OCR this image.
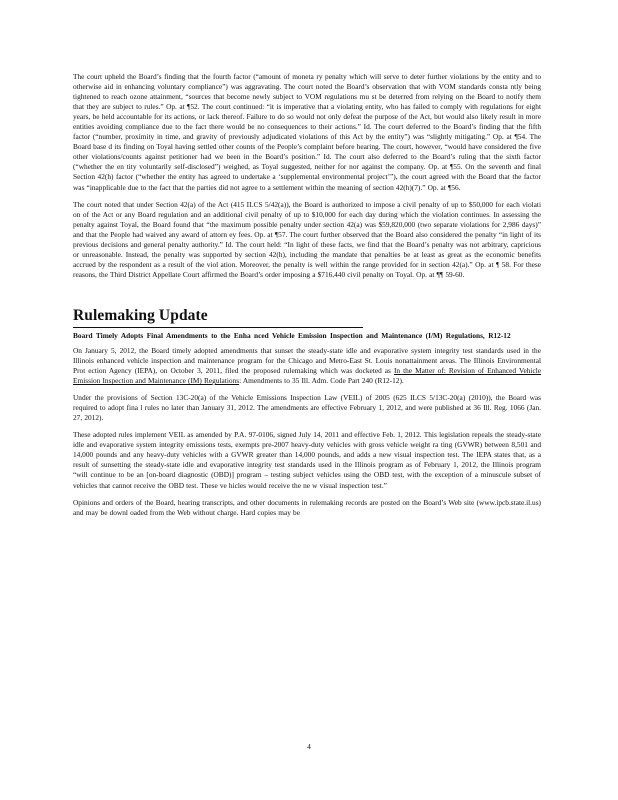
The court upheld the Board’s finding that the fourth factor (“amount of moneta ry penalty which will serve to deter further violations by the entity and to otherwise aid in enhancing voluntary compliance”) was aggravating. The court noted the Board’s observation that with VOM standards consta ntly being tightened to reach ozone attainment, “sources that become newly subject to VOM regulations mu st be deterred from relying on the Board to notify them that they are subject to rules.” Op. at ¶52. The court continued: “it is imperative that a violating entity, who has failed to comply with regulations for eight years, be held accountable for its actions, or lack thereof. Failure to do so would not only defeat the purpose of the Act, but would also likely result in more entities avoiding compliance due to the fact there would be no consequences to their actions.” Id. The court deferred to the Board’s finding that the fifth factor (“number, proximity in time, and gravity of previously adjudicated violations of this Act by the entity”) was “slightly mitigating.” Op. at ¶54. The Board base d its finding on Toyal having settled other counts of the People’s complaint before hearing. The court, however, “would have considered the five other violations/counts against petitioner had we been in the Board’s position.” Id. The court also deferred to the Board’s ruling that the sixth factor (“whether the en tity voluntarily self-disclosed”) weighed, as Toyal suggested, neither for nor against the company. Op. at ¶55. On the seventh and final Section 42(h) factor (“whether the entity has agreed to undertake a ‘supplemental environmental project’”), the court agreed with the Board that the factor was “inapplicable due to the fact that the parties did not agree to a settlement within the meaning of section 42(h)(7).” Op. at ¶56.

The court noted that under Section 42(a) of the Act (415 ILCS 5/42(a)), the Board is authorized to impose a civil penalty of up to $50,000 for each violati on of the Act or any Board regulation and an additional civil penalty of up to $10,000 for each day during which the violation continues. In assessing the penalty against Toyal, the Board found that “the maximum possible penalty under section 42(a) was $59,820,000 (two separate violations for 2,986 days)” and that the People had waived any award of attorn ey fees. Op. at ¶57. The court further observed that the Board also considered the penalty “in light of its previous decisions and general penalty authority.” Id. The court held: “In light of these facts, we find that the Board’s penalty was not arbitrary, capricious or unreasonable. Instead, the penalty was supported by section 42(h), including the mandate that penalties be at least as great as the economic benefits accrued by the respondent as a result of the viol ation. Moreover, the penalty is well within the range provided for in section 42(a).” Op. at ¶ 58. For these reasons, the Third District Appellate Court affirmed the Board’s order imposing a $716,440 civil penalty on Toyal. Op. at ¶¶ 59-60.

Rulemaking Update
Board Timely Adopts Final Amendments to the Enha nced Vehicle Emission Inspection and Maintenance (I/M) Regulations, R12-12

On January 5, 2012, the Board timely adopted amendments that sunset the steady-state idle and evaporative system integrity test standards used in the Illinois enhanced vehicle inspection and maintenance program for the Chicago and Metro-East St. Louis nonattainment areas. The Illinois Environmental Prot ection Agency (IEPA), on October 3, 2011, filed the proposed rulemaking which was docketed as In the Matter of: Revision of Enhanced Vehicle Emission Inspection and Maintenance (IM) Regulations: Amendments to 35 Ill. Adm. Code Part 240 (R12-12).

Under the provisions of Section 13C-20(a) of the Vehicle Emissions Inspection Law (VEIL) of 2005 (625 ILCS 5/13C-20(a) (2010)), the Board was required to adopt fina l rules no later than January 31, 2012. The amendments are effective February 1, 2012, and were published at 36 Ill. Reg. 1066 (Jan. 27, 2012).

These adopted rules implement VEIL as amended by P.A. 97-0106, signed July 14, 2011 and effective Feb. 1, 2012. This legislation repeals the steady-state idle and evaporative system integrity emissions tests, exempts pre-2007 heavy-duty vehicles with gross vehicle weight ra ting (GVWR) between 8,501 and 14,000 pounds and any heavy-duty vehicles with a GVWR greater than 14,000 pounds, and adds a new visual inspection test. The IEPA states that, as a result of sunsetting the steady-state idle and evaporative integrity test standards used in the Illinois program as of February 1, 2012, the Illinois program “will continue to be an [on-board diagnostic (OBD)] program – testing subject vehicles using the OBD test, with the exception of a minuscule subset of vehicles that cannot receive the OBD test. These ve hicles would receive the ne w visual inspection test.”

Opinions and orders of the Board, hearing transcripts, and other documents in rulemaking records are posted on the Board’s Web site (www.ipcb.state.il.us) and may be downl oaded from the Web without charge. Hard copies may be

4
